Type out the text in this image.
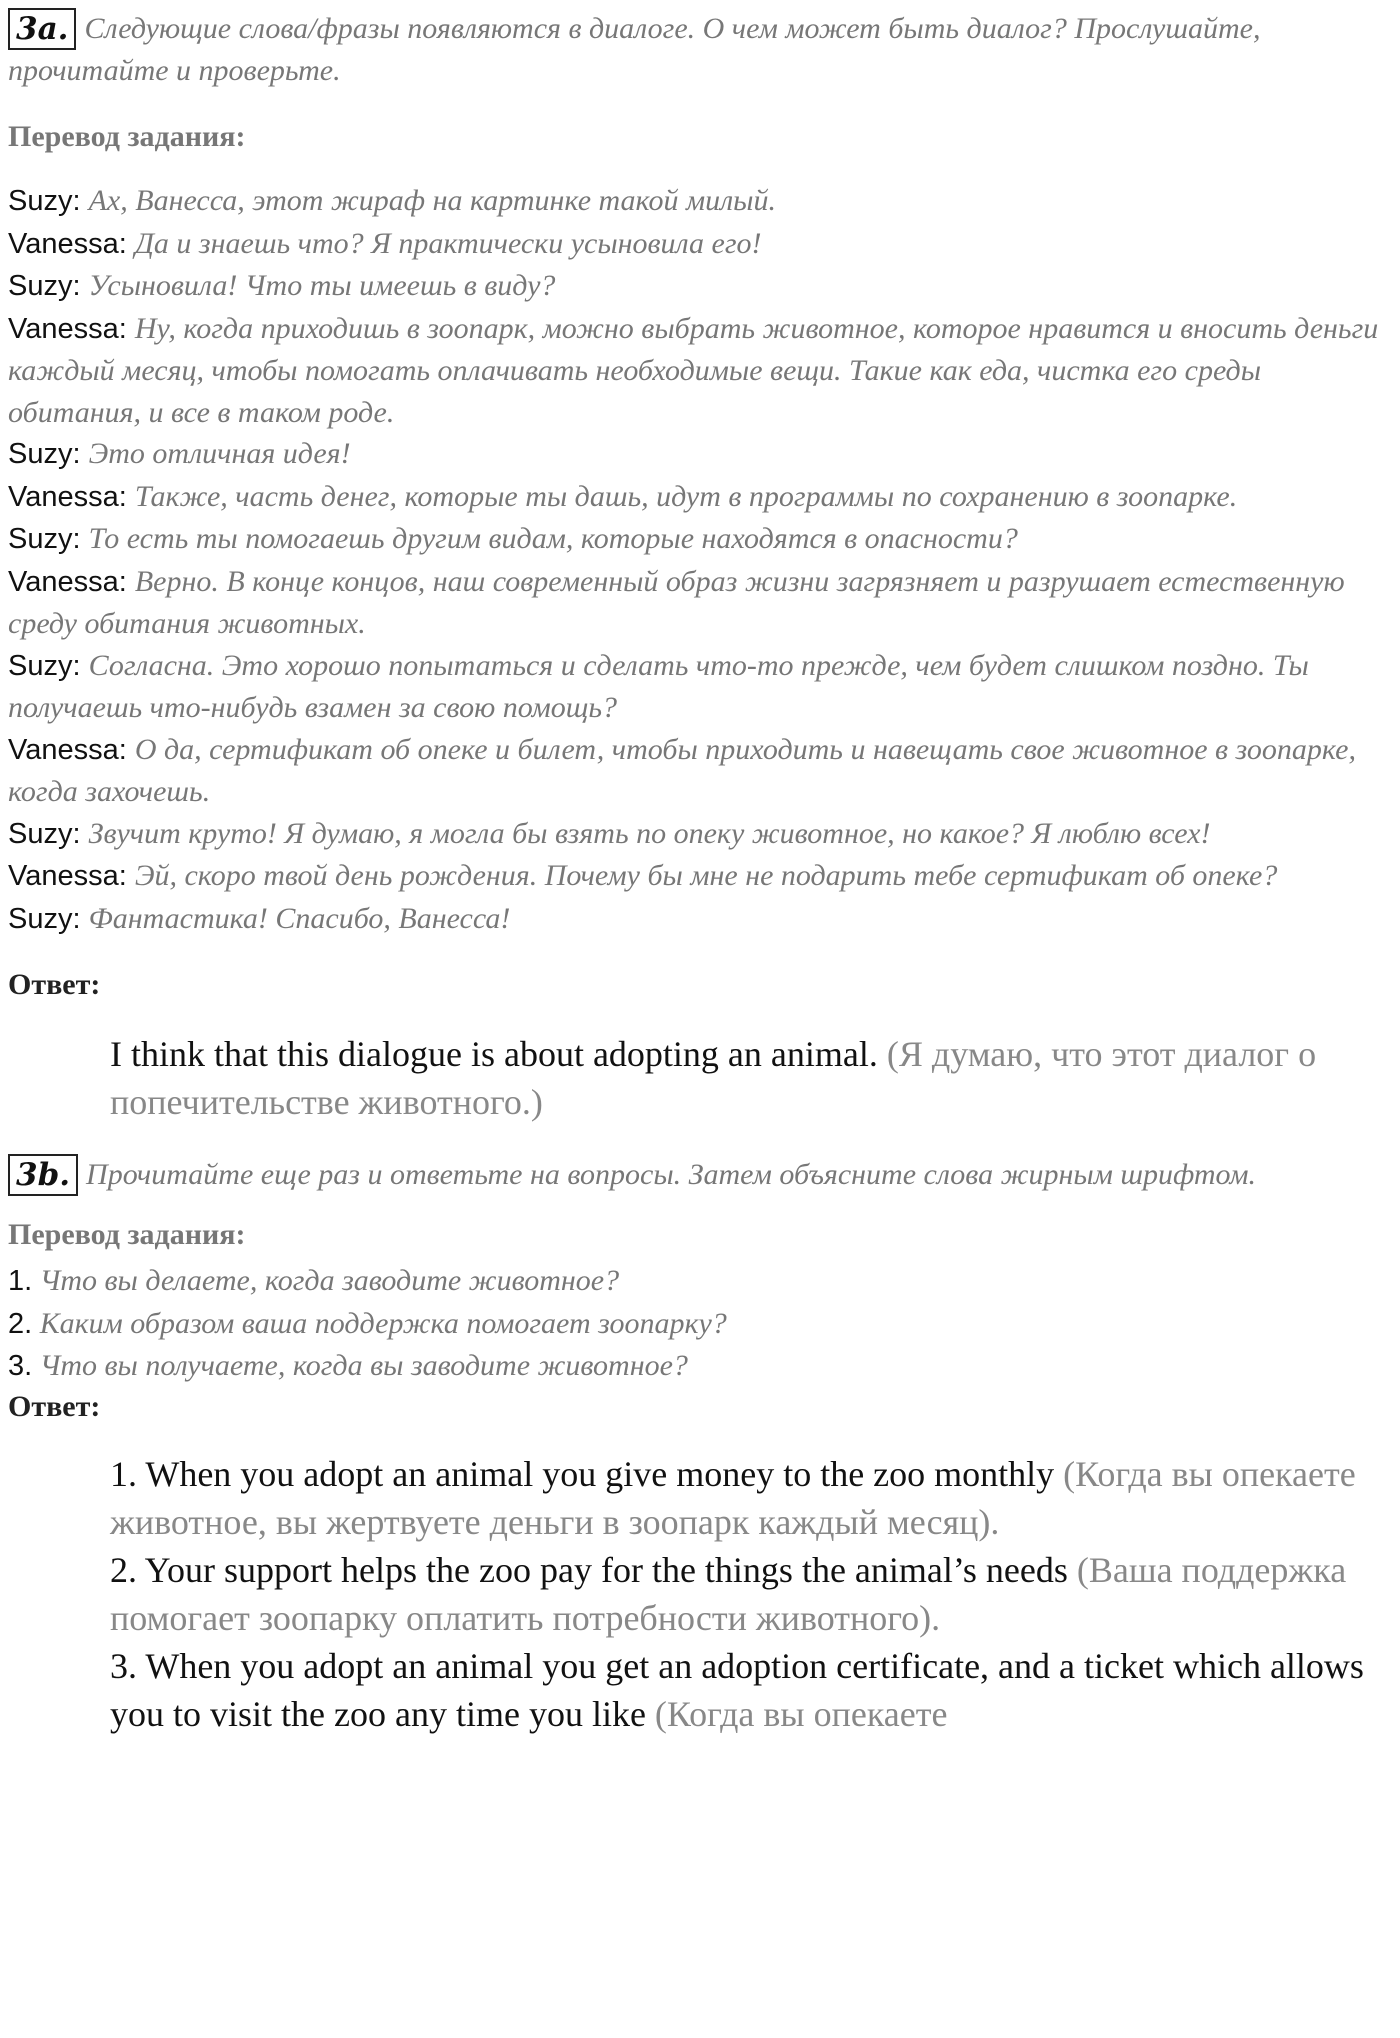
3a. Следующие слова/фразы появляются в диалоге. О чем может быть диалог? Прослушайте, прочитайте и проверьте.
Перевод задания:
Suzy: Ах, Ванесса, этот жираф на картинке такой милый.
Vanessa: Да и знаешь что? Я практически усыновила его!
Suzy: Усыновила! Что ты имеешь в виду?
Vanessa: Ну, когда приходишь в зоопарк, можно выбрать животное, которое нравится и вносить деньги каждый месяц, чтобы помогать оплачивать необходимые вещи. Такие как еда, чистка его среды обитания, и все в таком роде.
Suzy: Это отличная идея!
Vanessa: Также, часть денег, которые ты дашь, идут в программы по сохранению в зоопарке.
Suzy: То есть ты помогаешь другим видам, которые находятся в опасности?
Vanessa: Верно. В конце концов, наш современный образ жизни загрязняет и разрушает естественную среду обитания животных.
Suzy: Согласна. Это хорошо попытаться и сделать что-то прежде, чем будет слишком поздно. Ты получаешь что-нибудь взамен за свою помощь?
Vanessa: О да, сертификат об опеке и билет, чтобы приходить и навещать свое животное в зоопарке, когда захочешь.
Suzy: Звучит круто! Я думаю, я могла бы взять по опеку животное, но какое? Я люблю всех!
Vanessa: Эй, скоро твой день рождения. Почему бы мне не подарить тебе сертификат об опеке?
Suzy: Фантастика! Спасибо, Ванесса!
Ответ:
I think that this dialogue is about adopting an animal. (Я думаю, что этот диалог о попечительстве животного.)
3b. Прочитайте еще раз и ответьте на вопросы. Затем объясните слова жирным шрифтом.
Перевод задания:
1. Что вы делаете, когда заводите животное?
2. Каким образом ваша поддержка помогает зоопарку?
3. Что вы получаете, когда вы заводите животное?
Ответ:
1. When you adopt an animal you give money to the zoo monthly (Когда вы опекаете животное, вы жертвуете деньги в зоопарк каждый месяц).
2. Your support helps the zoo pay for the things the animal’s needs (Ваша поддержка помогает зоопарку оплатить потребности животного).
3. When you adopt an animal you get an adoption certificate, and a ticket which allows you to visit the zoo any time you like (Когда вы опекаете
